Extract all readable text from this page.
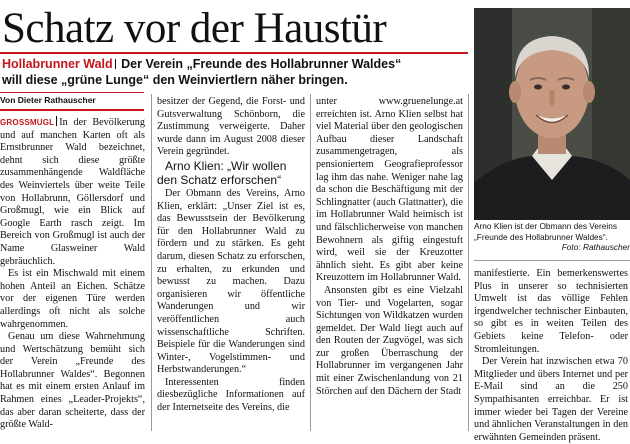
Schatz vor der Haustür
Hollabrunner Wald Der Verein „Freunde des Hollabrunner Waldes“
will diese „grüne Lunge“ den Weinviertlern näher bringen.
Von Dieter Rathauscher

GROSSMUGL In der Bevölkerung und auf manchen Karten oft als Ernstbrunner Wald bezeichnet, dehnt sich diese größte zusammenhängende Waldfläche des Weinviertels über weite Teile von Hollabrunn, Göllersdorf und Großmugl, wie ein Blick auf Google Earth rasch zeigt. Im Bereich von Großmugl ist auch der Name Glasweiner Wald gebräuchlich.

Es ist ein Mischwald mit einem hohen Anteil an Eichen. Schätze vor der eigenen Türe werden allerdings oft nicht als solche wahrgenommen.

Genau um diese Wahrnehmung und Wertschätzung bemüht sich der Verein „Freunde des Hollabrunner Waldes“. Begonnen hat es mit einem ersten Anlauf im Rahmen eines „Leader-Projekts“, das aber daran scheiterte, dass der größte Wald-

besitzer der Gegend, die Forst- und Gutsverwaltung Schönborn, die Zustimmung verweigerte. Daher wurde dann im August 2008 dieser Verein gegründet.

Arno Klien: „Wir wollen den Schatz erforschen“

Der Obmann des Vereins, Arno Klien, erklärt: „Unser Ziel ist es, das Bewusstsein der Bevölkerung für den Hollabrunner Wald zu fördern und zu stärken. Es geht darum, diesen Schatz zu erforschen, zu erhalten, zu erkunden und bewusst zu machen. Dazu organisieren wir öffentliche Wanderungen und wir veröffentlichen auch wissenschaftliche Schriften. Beispiele für die Wanderungen sind Winter-, Vogelstimmen- und Herbstwanderungen.“

Interessenten finden diesbezügliche Informationen auf der Internetseite des Vereins, die

unter www.gruenelunge.at erreichten ist. Arno Klien selbst hat viel Material über den geologischen Aufbau dieser Landschaft zusammengetragen, als pensioniertem Geografieprofessor lag ihm das nahe. Weniger nahe lag da schon die Beschäftigung mit der Schlingnatter (auch Glattnatter), die im Hollabrunner Wald heimisch ist und fälschlicherweise von manchen Bewohnern als giftig eingestuft wird, weil sie der Kreuzotter ähnlich sieht. Es gibt aber keine Kreuzottern im Hollabrunner Wald.

Ansonsten gibt es eine Vielzahl von Tier- und Vogelarten, sogar Sichtungen von Wildkatzen wurden gemeldet. Der Wald liegt auch auf den Routen der Zugvögel, was sich zur großen Überraschung der Hollabrunner im vergangenen Jahr mit einer Zwischenlandung von 21 Störchen auf den Dächern der Stadt

Arno Klien ist der Obmann des Vereins „Freunde des Hollabrunner Waldes“.
Foto: Rathauscher

manifestierte. Ein bemerkenswertes Plus in unserer so technisierten Umwelt ist das völlige Fehlen irgendwelcher technischer Einbauten, so gibt es in weiten Teilen des Gebiets keine Telefon- oder Stromleitungen.

Der Verein hat inzwischen etwa 70 Mitglieder und übers Internet und per E-Mail sind an die 250 Sympathisanten erreichbar. Er ist immer wieder bei Tagen der Vereine und ähnlichen Veranstaltungen in den erwähnten Gemeinden präsent.
